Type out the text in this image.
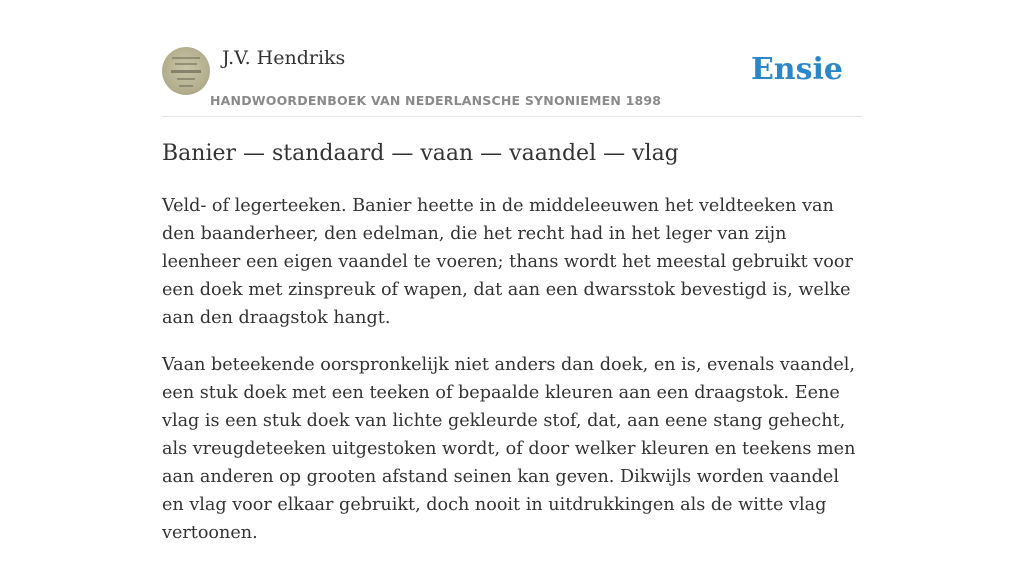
J.V. Hendriks
HANDWOORDENBOEK VAN NEDERLANSCHE SYNONIEMEN 1898
Ensie
Banier — standaard — vaan — vaandel — vlag

Veld- of legerteeken. Banier heette in de middeleeuwen het veldteeken van den baanderheer, den edelman, die het recht had in het leger van zijn leenheer een eigen vaandel te voeren; thans wordt het meestal gebruikt voor een doek met zinspreuk of wapen, dat aan een dwarsstok bevestigd is, welke aan den draagstok hangt.

Vaan beteekende oorspronkelijk niet anders dan doek, en is, evenals vaandel, een stuk doek met een teeken of bepaalde kleuren aan een draagstok. Eene vlag is een stuk doek van lichte gekleurde stof, dat, aan eene stang gehecht, als vreugdeteeken uitgestoken wordt, of door welker kleuren en teekens men aan anderen op grooten afstand seinen kan geven. Dikwijls worden vaandel en vlag voor elkaar gebruikt, doch nooit in uitdrukkingen als de witte vlag vertoonen.
